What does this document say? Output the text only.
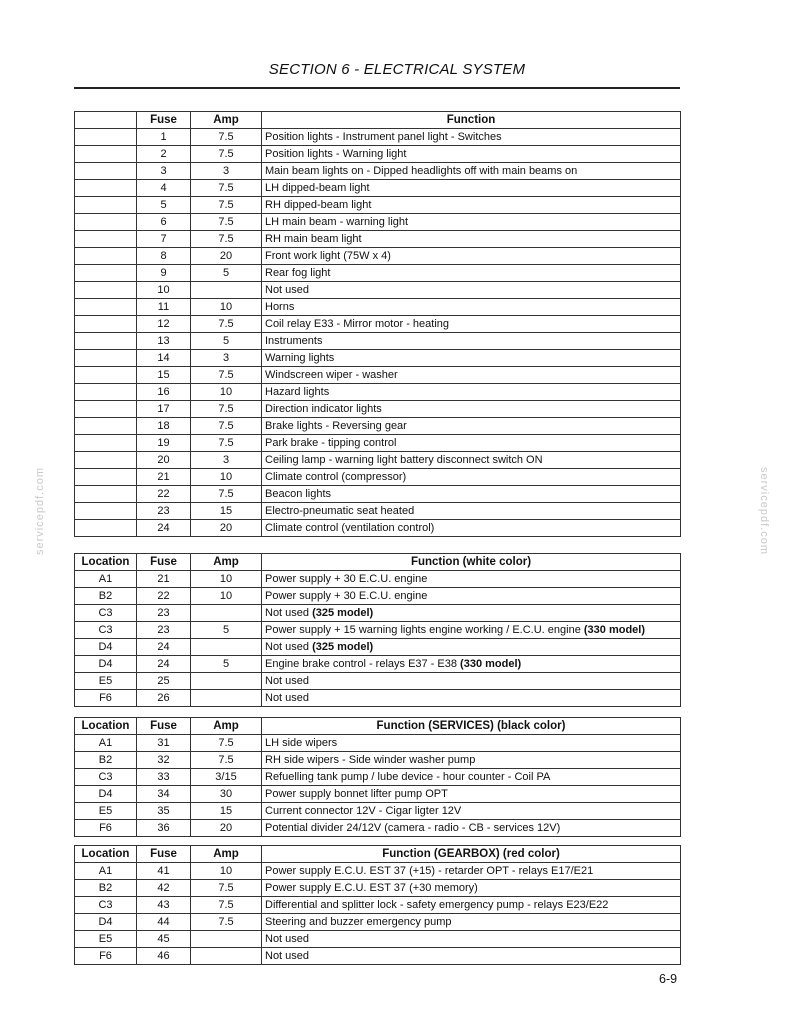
SECTION 6 - ELECTRICAL SYSTEM
servicepdf.com	servicepdf.com
	Fuse	Amp	Function
	1	7.5	Position lights - Instrument panel light - Switches
	2	7.5	Position lights - Warning light
	3	3	Main beam lights on - Dipped headlights off with main beams on
	4	7.5	LH dipped-beam light
	5	7.5	RH dipped-beam light
	6	7.5	LH main beam - warning light
	7	7.5	RH main beam light
	8	20	Front work light (75W x 4)
	9	5	Rear fog light
	10		Not used
	11	10	Horns
	12	7.5	Coil relay E33 - Mirror motor - heating
	13	5	Instruments
	14	3	Warning lights
	15	7.5	Windscreen wiper - washer
	16	10	Hazard lights
	17	7.5	Direction indicator lights
	18	7.5	Brake lights - Reversing gear
	19	7.5	Park brake - tipping control
	20	3	Ceiling lamp - warning light battery disconnect switch ON
	21	10	Climate control (compressor)
	22	7.5	Beacon lights
	23	15	Electro-pneumatic seat heated
	24	20	Climate control (ventilation control)
Location	Fuse	Amp	Function (white color)
A1	21	10	Power supply + 30 E.C.U. engine
B2	22	10	Power supply + 30 E.C.U. engine
C3	23		Not used (325 model)
C3	23	5	Power supply + 15 warning lights engine working / E.C.U. engine (330 model)
D4	24		Not used (325 model)
D4	24	5	Engine brake control - relays E37 - E38 (330 model)
E5	25		Not used
F6	26		Not used
Location	Fuse	Amp	Function (SERVICES) (black color)
A1	31	7.5	LH side wipers
B2	32	7.5	RH side wipers - Side winder washer pump
C3	33	3/15	Refuelling tank pump / lube device - hour counter - Coil PA
D4	34	30	Power supply bonnet lifter pump OPT
E5	35	15	Current connector 12V - Cigar ligter 12V
F6	36	20	Potential divider 24/12V (camera - radio - CB - services 12V)
Location	Fuse	Amp	Function (GEARBOX) (red color)
A1	41	10	Power supply E.C.U. EST 37 (+15) - retarder OPT - relays E17/E21
B2	42	7.5	Power supply E.C.U. EST 37 (+30 memory)
C3	43	7.5	Differential and splitter lock - safety emergency pump - relays E23/E22
D4	44	7.5	Steering and buzzer emergency pump
E5	45		Not used
F6	46		Not used
6-9
